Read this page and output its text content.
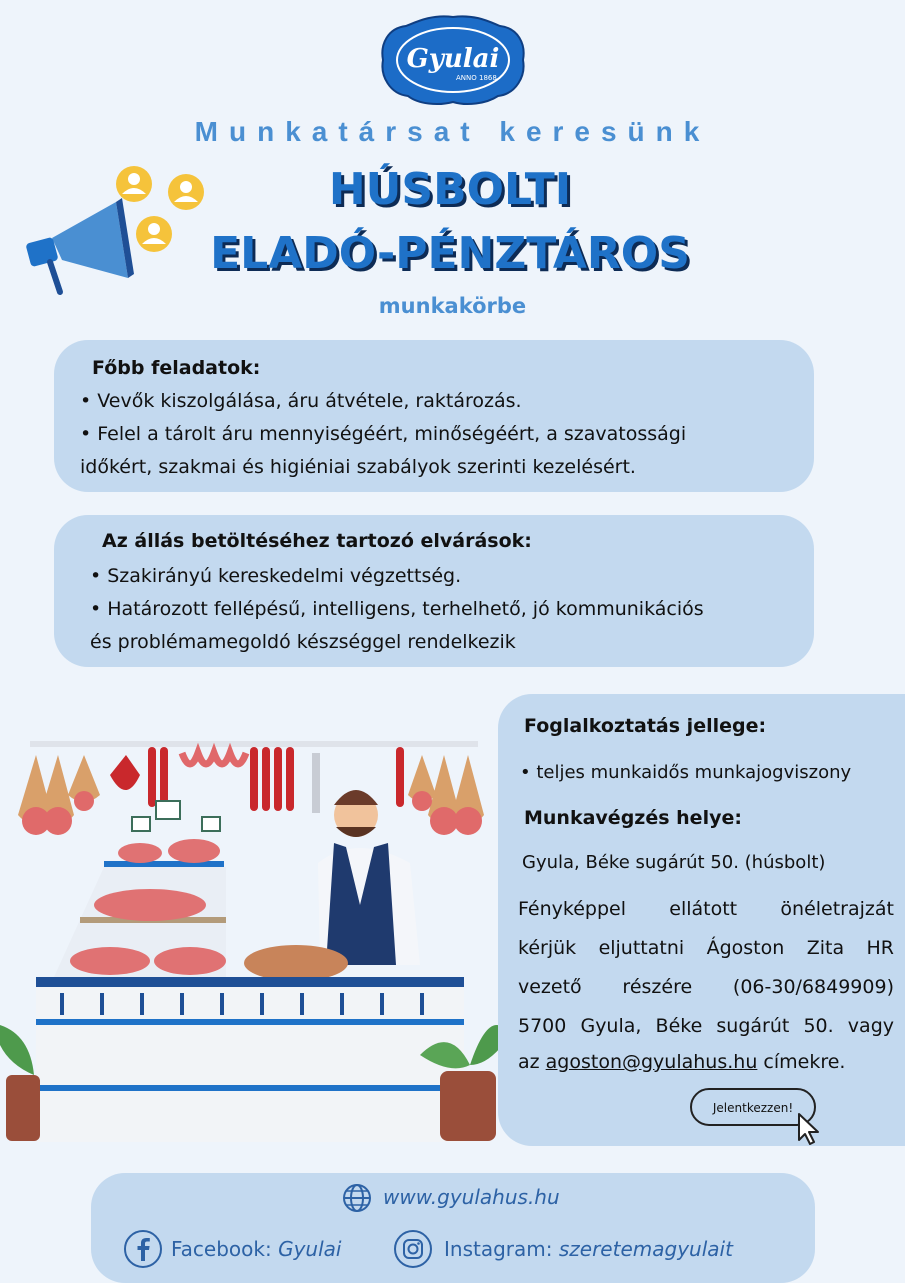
Gyulai
ANNO 1868
Munkatársat keresünk
HÚSBOLTI
ELADÓ-PÉNZTÁROS
munkakörbe
Főbb feladatok:
• Vevők kiszolgálása, áru átvétele, raktározás.
• Felel a tárolt áru mennyiségéért, minőségéért, a szavatossági
időkért, szakmai és higiéniai szabályok szerinti kezelésért.
Az állás betöltéséhez tartozó elvárások:
• Szakirányú kereskedelmi végzettség.
• Határozott fellépésű, intelligens, terhelhető, jó kommunikációs
és problémamegoldó készséggel rendelkezik
Foglalkoztatás jellege:
• teljes munkaidős munkajogviszony
Munkavégzés helye:
Gyula, Béke sugárút 50. (húsbolt)
Fényképpel ellátott önéletrajzát
kérjük eljuttatni Ágoston Zita HR
vezető részére (06-30/6849909)
5700 Gyula, Béke sugárút 50. vagy
az agoston@gyulahus.hu címekre.
Jelentkezzen!
www.gyulahus.hu
Facebook: Gyulai	Instagram: szeretemagyulait
